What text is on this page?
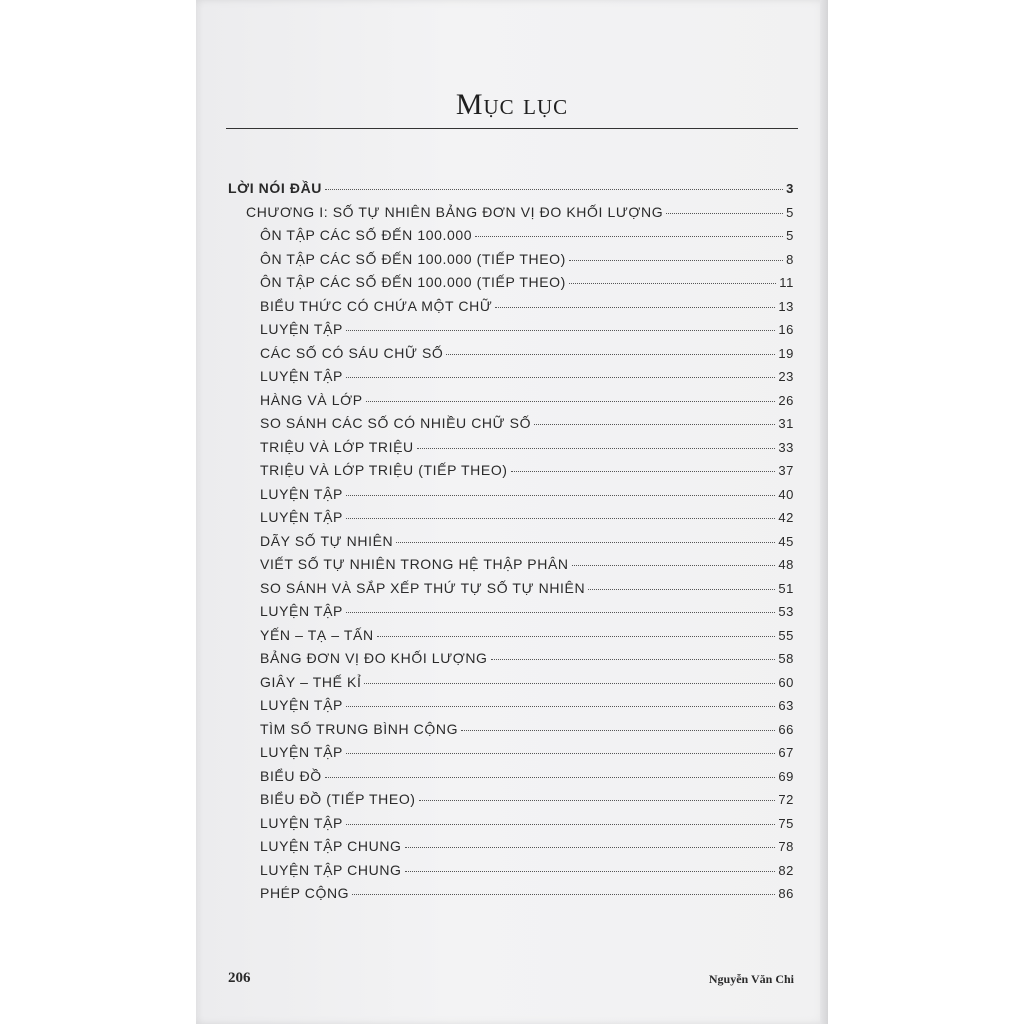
Mục lục
LỜI NÓI ĐẦU	3
CHƯƠNG I: SỐ TỰ NHIÊN BẢNG ĐƠN VỊ ĐO KHỐI LƯỢNG	5
ÔN TẬP CÁC SỐ ĐẾN 100.000	5
ÔN TẬP CÁC SỐ ĐẾN 100.000 (TIẾP THEO)	8
ÔN TẬP CÁC SỐ ĐẾN 100.000 (TIẾP THEO)	11
BIỂU THỨC CÓ CHỨA MỘT CHỮ	13
LUYỆN TẬP	16
CÁC SỐ CÓ SÁU CHỮ SỐ	19
LUYỆN TẬP	23
HÀNG VÀ LỚP	26
SO SÁNH CÁC SỐ CÓ NHIỀU CHỮ SỐ	31
TRIỆU VÀ LỚP TRIỆU	33
TRIỆU VÀ LỚP TRIỆU (TIẾP THEO)	37
LUYỆN TẬP	40
LUYỆN TẬP	42
DÃY SỐ TỰ NHIÊN	45
VIẾT SỐ TỰ NHIÊN TRONG HỆ THẬP PHÂN	48
SO SÁNH VÀ SẮP XẾP THỨ TỰ SỐ TỰ NHIÊN	51
LUYỆN TẬP	53
YẾN – TẠ – TẤN	55
BẢNG ĐƠN VỊ ĐO KHỐI LƯỢNG	58
GIÂY – THẾ KỈ	60
LUYỆN TẬP	63
TÌM SỐ TRUNG BÌNH CỘNG	66
LUYỆN TẬP	67
BIỂU ĐỒ	69
BIỂU ĐỒ (TIẾP THEO)	72
LUYỆN TẬP	75
LUYỆN TẬP CHUNG	78
LUYỆN TẬP CHUNG	82
PHÉP CỘNG	86
206	Nguyễn Văn Chi
